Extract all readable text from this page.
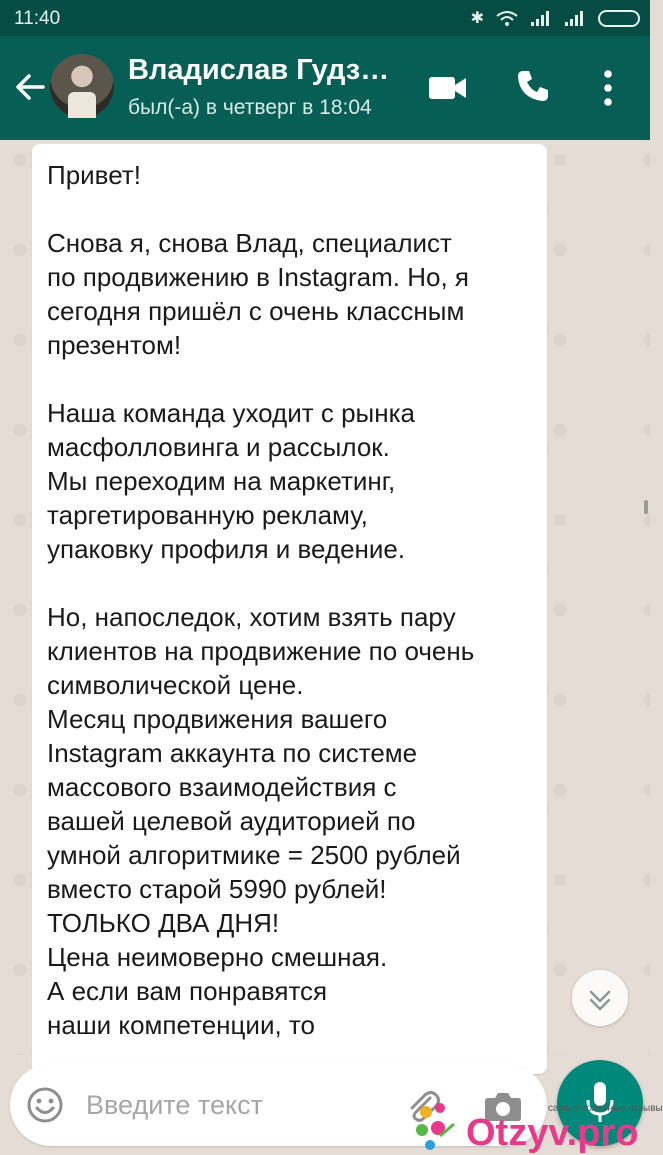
11:40	✱
Владислав Гудз…
был(-а) в четверг в 18:04
Привет!
Снова я, снова Влад, специалист
по продвижению в Instagram. Но, я
сегодня пришёл с очень классным
презентом!
Наша команда уходит с рынка
масфолловинга и рассылок.
Мы переходим на маркетинг,
таргетированную рекламу,
упаковку профиля и ведение.
Но, напоследок, хотим взять пару
клиентов на продвижение по очень
символической цене.
Месяц продвижения вашего
Instagram аккаунта по системе
массового взаимодействия с
вашей целевой аудиторией по
умной алгоритмике = 2500 рублей
вместо старой 5990 рублей!
ТОЛЬКО ДВА ДНЯ!
Цена неимоверно смешная.
А если вам понравятся
наши компетенции, то
Введите текст
самые полезные отзывы
Otzyv.pro
